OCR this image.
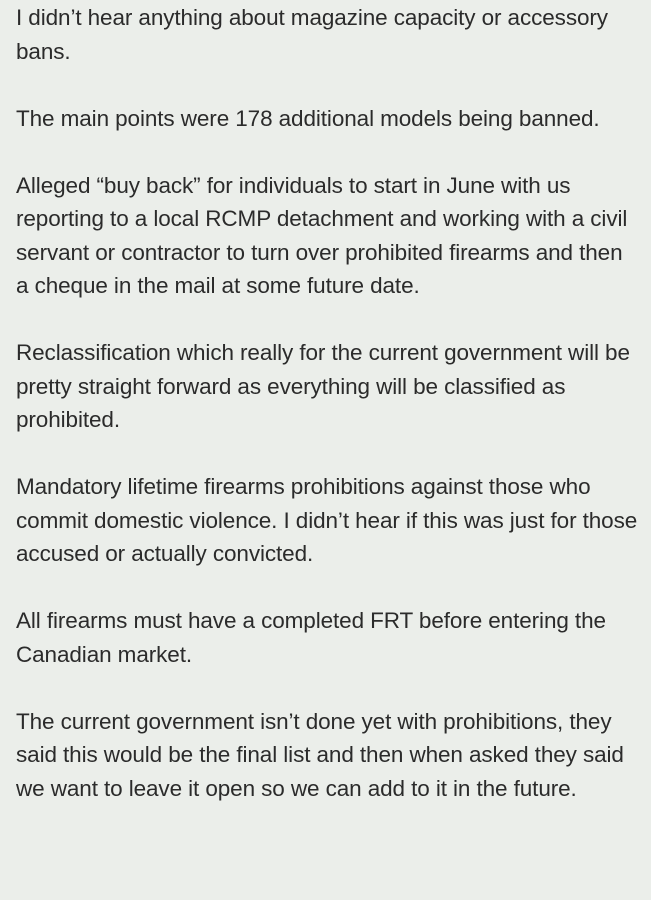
I didn’t hear anything about magazine capacity or accessory bans.

The main points were 178 additional models being banned.

Alleged “buy back” for individuals to start in June with us reporting to a local RCMP detachment and working with a civil servant or contractor to turn over prohibited firearms and then a cheque in the mail at some future date.

Reclassification which really for the current government will be pretty straight forward as everything will be classified as prohibited.

Mandatory lifetime firearms prohibitions against those who commit domestic violence. I didn’t hear if this was just for those accused or actually convicted.

All firearms must have a completed FRT before entering the Canadian market.

The current government isn’t done yet with prohibitions, they said this would be the final list and then when asked they said we want to leave it open so we can add to it in the future.
